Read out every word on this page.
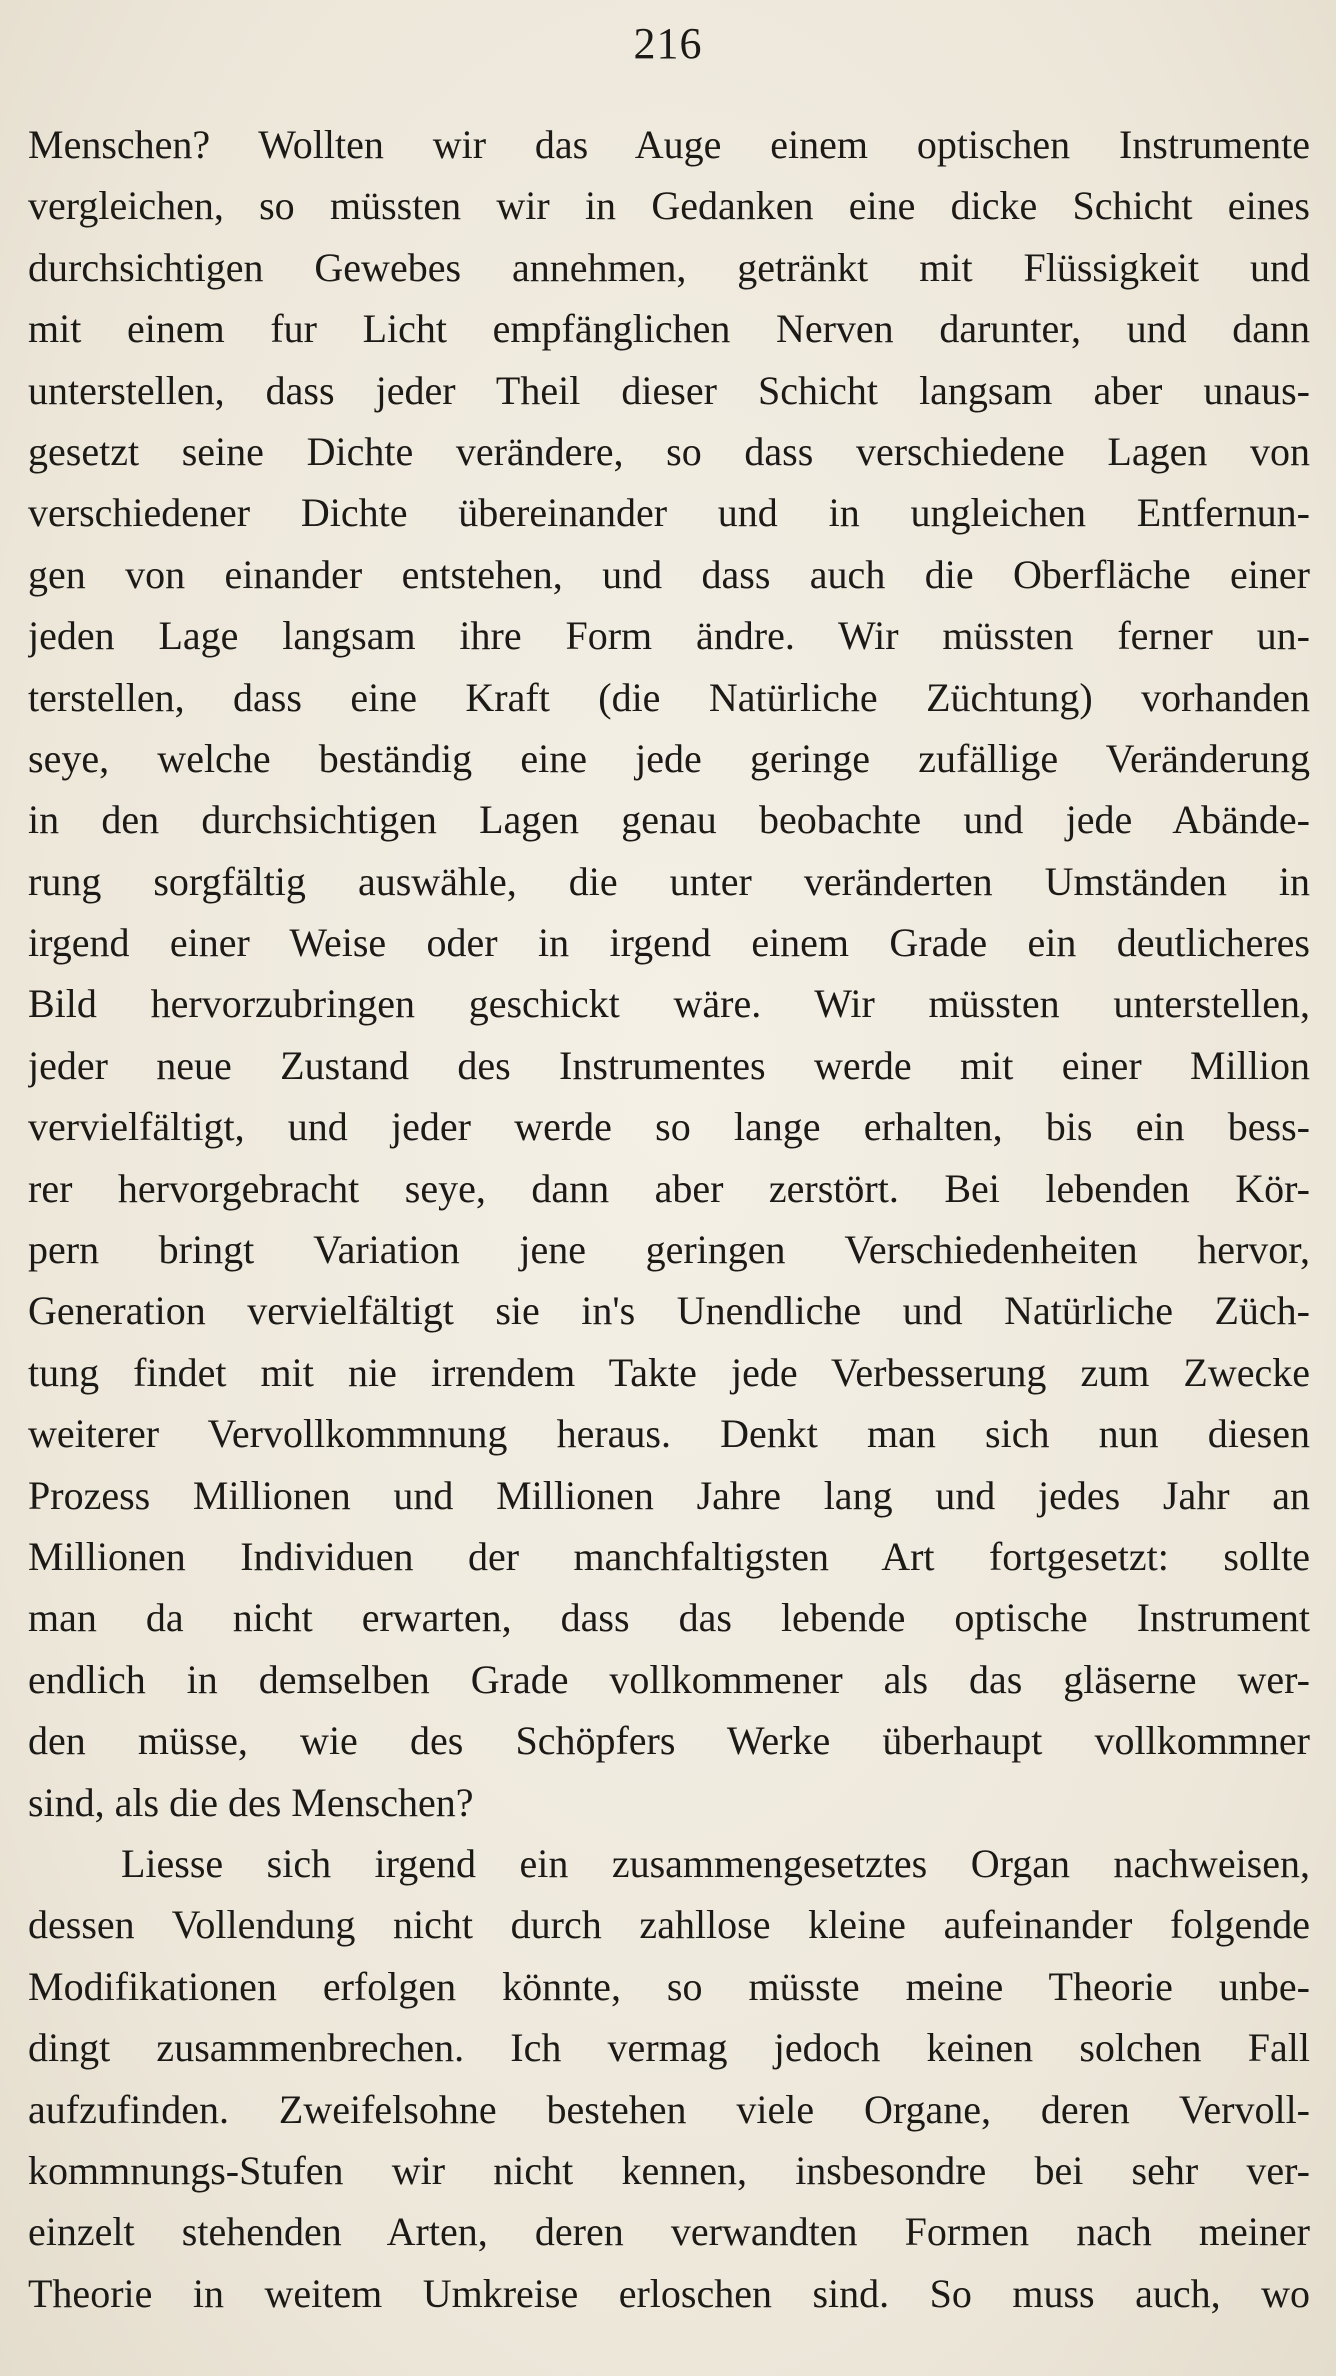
216
Menschen? Wollten wir das Auge einem optischen Instrumente
vergleichen, so müssten wir in Gedanken eine dicke Schicht eines
durchsichtigen Gewebes annehmen, getränkt mit Flüssigkeit und
mit einem fur Licht empfänglichen Nerven darunter, und dann
unterstellen, dass jeder Theil dieser Schicht langsam aber unaus-
gesetzt seine Dichte verändere, so dass verschiedene Lagen von
verschiedener Dichte übereinander und in ungleichen Entfernun-
gen von einander entstehen, und dass auch die Oberfläche einer
jeden Lage langsam ihre Form ändre. Wir müssten ferner un-
terstellen, dass eine Kraft (die Natürliche Züchtung) vorhanden
seye, welche beständig eine jede geringe zufällige Veränderung
in den durchsichtigen Lagen genau beobachte und jede Abände-
rung sorgfältig auswähle, die unter veränderten Umständen in
irgend einer Weise oder in irgend einem Grade ein deutlicheres
Bild hervorzubringen geschickt wäre. Wir müssten unterstellen,
jeder neue Zustand des Instrumentes werde mit einer Million
vervielfältigt, und jeder werde so lange erhalten, bis ein bess-
rer hervorgebracht seye, dann aber zerstört. Bei lebenden Kör-
pern bringt Variation jene geringen Verschiedenheiten hervor,
Generation vervielfältigt sie in's Unendliche und Natürliche Züch-
tung findet mit nie irrendem Takte jede Verbesserung zum Zwecke
weiterer Vervollkommnung heraus. Denkt man sich nun diesen
Prozess Millionen und Millionen Jahre lang und jedes Jahr an
Millionen Individuen der manchfaltigsten Art fortgesetzt: sollte
man da nicht erwarten, dass das lebende optische Instrument
endlich in demselben Grade vollkommener als das gläserne wer-
den müsse, wie des Schöpfers Werke überhaupt vollkommner
sind, als die des Menschen?
Liesse sich irgend ein zusammengesetztes Organ nachweisen,
dessen Vollendung nicht durch zahllose kleine aufeinander folgende
Modifikationen erfolgen könnte, so müsste meine Theorie unbe-
dingt zusammenbrechen. Ich vermag jedoch keinen solchen Fall
aufzufinden. Zweifelsohne bestehen viele Organe, deren Vervoll-
kommnungs-Stufen wir nicht kennen, insbesondre bei sehr ver-
einzelt stehenden Arten, deren verwandten Formen nach meiner
Theorie in weitem Umkreise erloschen sind. So muss auch, wo
